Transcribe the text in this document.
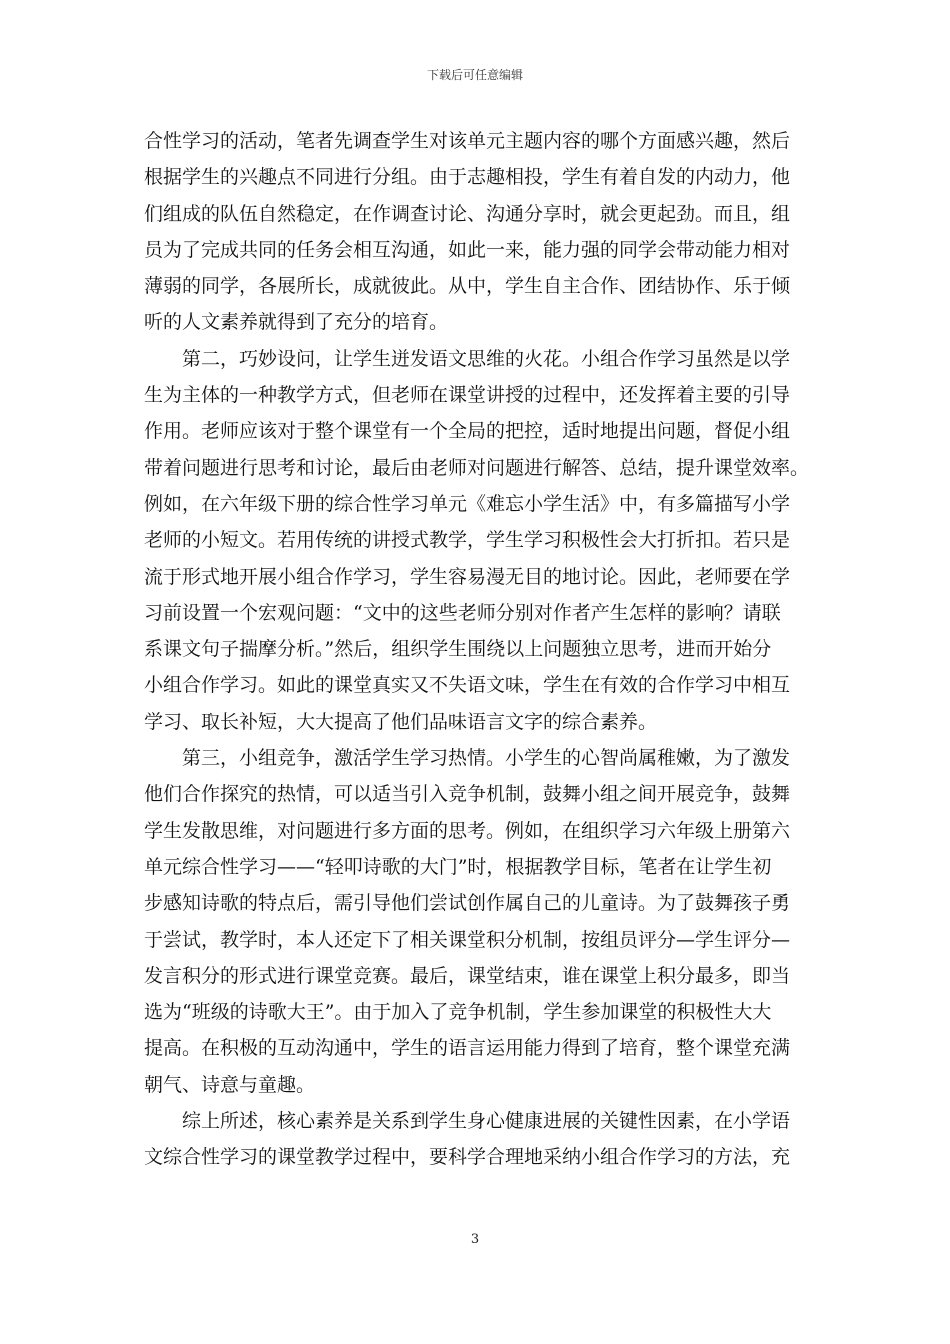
下载后可任意编辑
合性学习的活动，笔者先调查学生对该单元主题内容的哪个方面感兴趣，然后
根据学生的兴趣点不同进行分组。由于志趣相投，学生有着自发的内动力，他
们组成的队伍自然稳定，在作调查讨论、沟通分享时，就会更起劲。而且，组
员为了完成共同的任务会相互沟通，如此一来，能力强的同学会带动能力相对
薄弱的同学，各展所长，成就彼此。从中，学生自主合作、团结协作、乐于倾
听的人文素养就得到了充分的培育。
第二，巧妙设问，让学生迸发语文思维的火花。小组合作学习虽然是以学
生为主体的一种教学方式，但老师在课堂讲授的过程中，还发挥着主要的引导
作用。老师应该对于整个课堂有一个全局的把控，适时地提出问题，督促小组
带着问题进行思考和讨论，最后由老师对问题进行解答、总结，提升课堂效率。
例如，在六年级下册的综合性学习单元《难忘小学生活》中，有多篇描写小学
老师的小短文。若用传统的讲授式教学，学生学习积极性会大打折扣。若只是
流于形式地开展小组合作学习，学生容易漫无目的地讨论。因此，老师要在学
习前设置一个宏观问题：“文中的这些老师分别对作者产生怎样的影响？请联
系课文句子揣摩分析。”然后，组织学生围绕以上问题独立思考，进而开始分
小组合作学习。如此的课堂真实又不失语文味，学生在有效的合作学习中相互
学习、取长补短，大大提高了他们品味语言文字的综合素养。
第三，小组竞争，激活学生学习热情。小学生的心智尚属稚嫩，为了激发
他们合作探究的热情，可以适当引入竞争机制，鼓舞小组之间开展竞争，鼓舞
学生发散思维，对问题进行多方面的思考。例如，在组织学习六年级上册第六
单元综合性学习——“轻叩诗歌的大门”时，根据教学目标，笔者在让学生初
步感知诗歌的特点后，需引导他们尝试创作属自己的儿童诗。为了鼓舞孩子勇
于尝试，教学时，本人还定下了相关课堂积分机制，按组员评分—学生评分—
发言积分的形式进行课堂竞赛。最后，课堂结束，谁在课堂上积分最多，即当
选为“班级的诗歌大王”。由于加入了竞争机制，学生参加课堂的积极性大大
提高。在积极的互动沟通中，学生的语言运用能力得到了培育，整个课堂充满
朝气、诗意与童趣。
综上所述，核心素养是关系到学生身心健康进展的关键性因素，在小学语
文综合性学习的课堂教学过程中，要科学合理地采纳小组合作学习的方法，充
3
